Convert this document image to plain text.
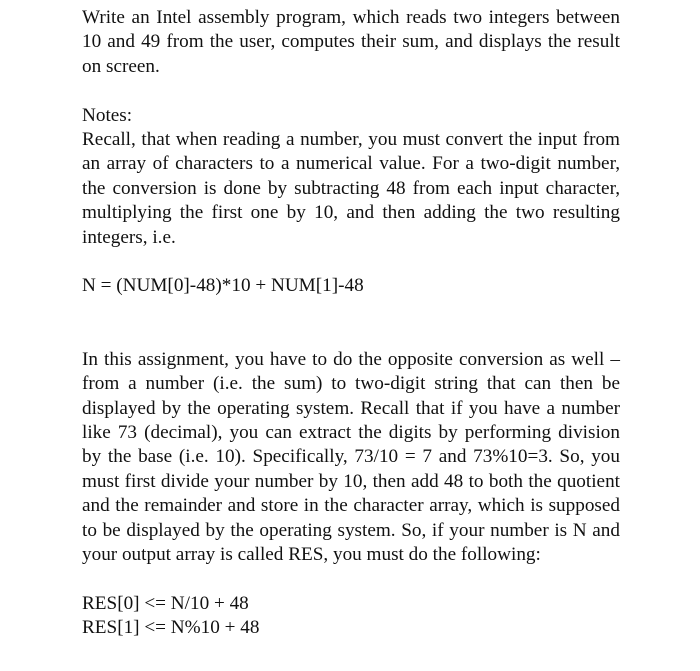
Write an Intel assembly program, which reads two integers between 10 and 49 from the user, computes their sum, and displays the result on screen.

Notes:

Recall, that when reading a number, you must convert the input from an array of characters to a numerical value. For a two-digit number, the conversion is done by subtracting 48 from each input character, multiplying the first one by 10, and then adding the two resulting integers, i.e.

N = (NUM[0]-48)*10 + NUM[1]-48

In this assignment, you have to do the opposite conversion as well – from a number (i.e. the sum) to two-digit string that can then be displayed by the operating system. Recall that if you have a number like 73 (decimal), you can extract the digits by performing division by the base (i.e. 10). Specifically, 73/10 = 7 and 73%10=3. So, you must first divide your number by 10, then add 48 to both the quotient and the remainder and store in the character array, which is supposed to be displayed by the operating system. So, if your number is N and your output array is called RES, you must do the following:

RES[0] <= N/10 + 48

RES[1] <= N%10 + 48
